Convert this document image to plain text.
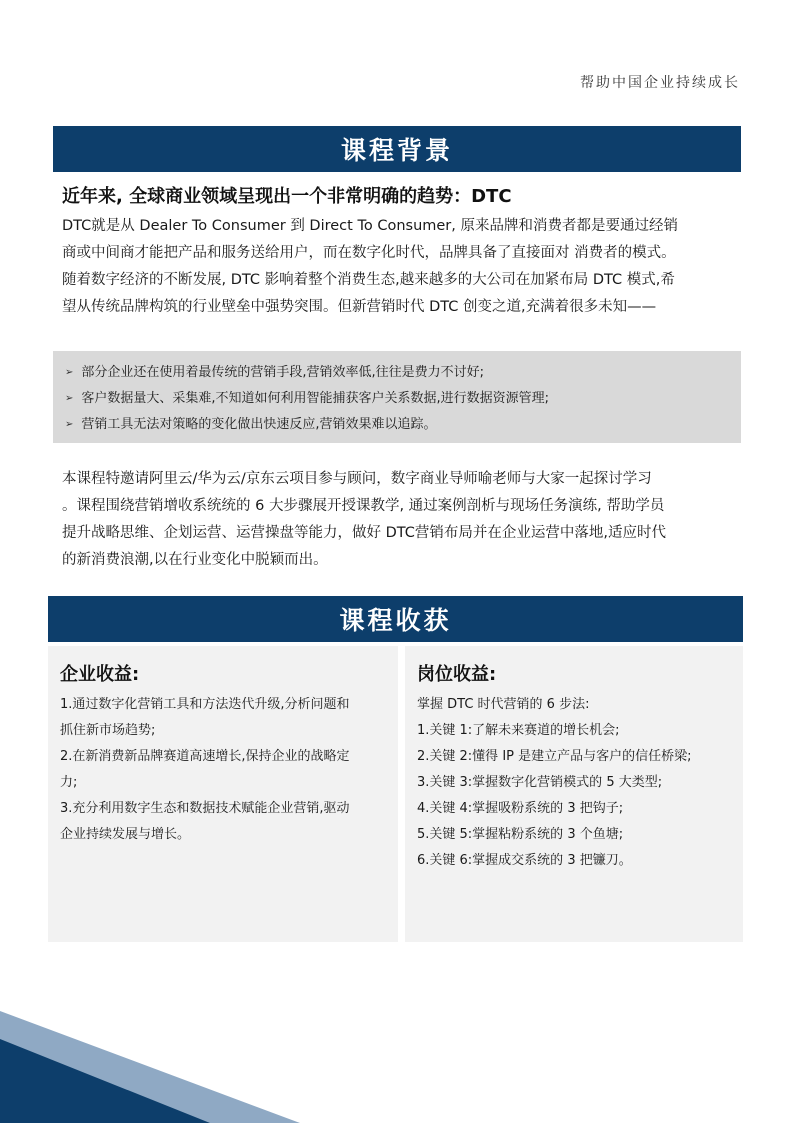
帮助中国企业持续成长
课程背景
近年来, 全球商业领域呈现出一个非常明确的趋势：DTC
DTC就是从 Dealer To Consumer 到 Direct To Consumer, 原来品牌和消费者都是要通过经销
商或中间商才能把产品和服务送给用户，而在数字化时代，品牌具备了直接面对 消费者的模式。
随着数字经济的不断发展, DTC 影响着整个消费生态,越来越多的大公司在加紧布局 DTC 模式,希
望从传统品牌构筑的行业壁垒中强势突围。但新营销时代 DTC 创变之道,充满着很多未知——
➢ 部分企业还在使用着最传统的营销手段,营销效率低,往往是费力不讨好;
➢ 客户数据量大、采集难,不知道如何利用智能捕获客户关系数据,进行数据资源管理;
➢ 营销工具无法对策略的变化做出快速反应,营销效果难以追踪。
本课程特邀请阿里云/华为云/京东云项目参与顾问，数字商业导师喻老师与大家一起探讨学习
。课程围绕营销增收系统统的 6 大步骤展开授课教学, 通过案例剖析与现场任务演练, 帮助学员
提升战略思维、企划运营、运营操盘等能力，做好 DTC营销布局并在企业运营中落地,适应时代
的新消费浪潮,以在行业变化中脱颖而出。
课程收获
企业收益:
1.通过数字化营销工具和方法迭代升级,分析问题和
抓住新市场趋势;
2.在新消费新品牌赛道高速增长,保持企业的战略定
力;
3.充分利用数字生态和数据技术赋能企业营销,驱动
企业持续发展与增长。
岗位收益:
掌握 DTC 时代营销的 6 步法:
1.关键 1:了解未来赛道的增长机会;
2.关键 2:懂得 IP 是建立产品与客户的信任桥梁;
3.关键 3:掌握数字化营销模式的 5 大类型;
4.关键 4:掌握吸粉系统的 3 把钩子;
5.关键 5:掌握粘粉系统的 3 个鱼塘;
6.关键 6:掌握成交系统的 3 把镰刀。
